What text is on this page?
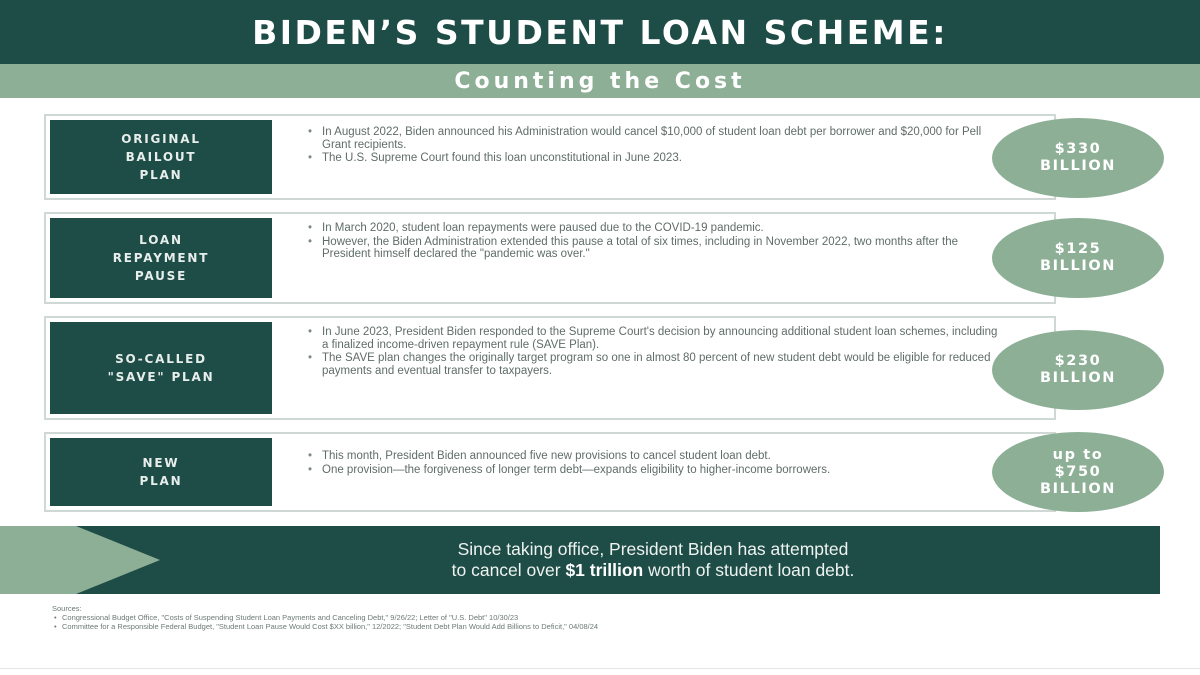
BIDEN’S STUDENT LOAN SCHEME:
Counting the Cost
ORIGINAL
BAILOUT
PLAN
• In August 2022, Biden announced his Administration would cancel $10,000 of student loan debt per borrower and $20,000 for Pell Grant recipients.
• The U.S. Supreme Court found this loan unconstitutional in June 2023.
$330
BILLION
LOAN
REPAYMENT
PAUSE
• In March 2020, student loan repayments were paused due to the COVID-19 pandemic.
• However, the Biden Administration extended this pause a total of six times, including in November 2022, two months after the President himself declared the "pandemic was over."	$125
BILLION
SO-CALLED
"SAVE" PLAN
• In June 2023, President Biden responded to the Supreme Court's decision by announcing additional student loan schemes, including a finalized income-driven repayment rule (SAVE Plan).
• The SAVE plan changes the originally target program so one in almost 80 percent of new student debt would be eligible for reduced payments and eventual transfer to taxpayers.
$230
BILLION
NEW
PLAN
• This month, President Biden announced five new provisions to cancel student loan debt.
• One provision—the forgiveness of longer term debt—expands eligibility to higher-income borrowers.
up to
$750
BILLION
Since taking office, President Biden has attempted
to cancel over $1 trillion worth of student loan debt.
Sources:
• Congressional Budget Office, "Costs of Suspending Student Loan Payments and Canceling Debt," 9/26/22; Letter of "U.S. Debt" 10/30/23
• Committee for a Responsible Federal Budget, "Student Loan Pause Would Cost $XX billion," 12/2022; "Student Debt Plan Would Add Billions to Deficit," 04/08/24
